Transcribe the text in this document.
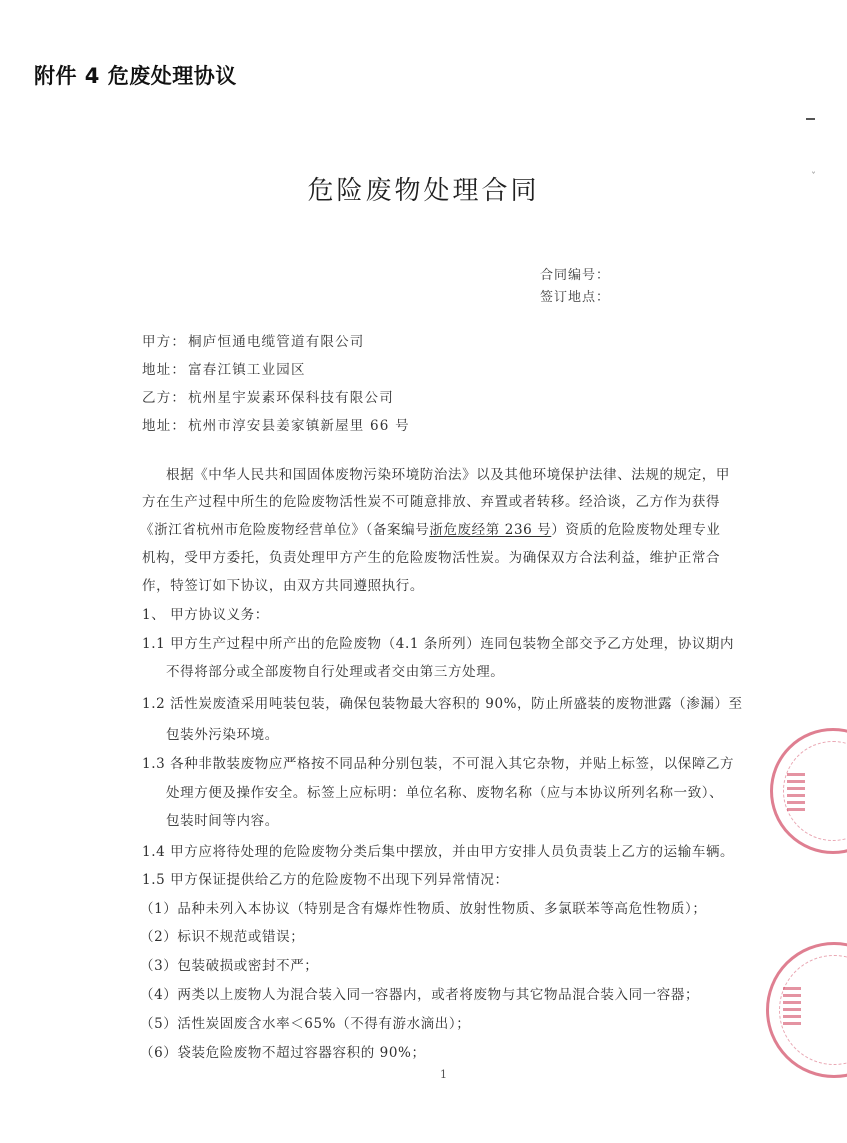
附件 4 危废处理协议
ˇ
危险废物处理合同
合同编号：
签订地点：
甲方： 桐庐恒通电缆管道有限公司
地址： 富春江镇工业园区
乙方： 杭州星宇炭素环保科技有限公司
地址： 杭州市淳安县姜家镇新屋里 66 号
根据《中华人民共和国固体废物污染环境防治法》以及其他环境保护法律、法规的规定，甲
方在生产过程中所生的危险废物活性炭不可随意排放、弃置或者转移。经洽谈，乙方作为获得
《浙江省杭州市危险废物经营单位》（备案编号浙危废经第 236 号）资质的危险废物处理专业
机构，受甲方委托，负责处理甲方产生的危险废物活性炭。为确保双方合法利益，维护正常合
作，特签订如下协议，由双方共同遵照执行。
1、 甲方协议义务：
1.1 甲方生产过程中所产出的危险废物（4.1 条所列）连同包装物全部交予乙方处理，协议期内
不得将部分或全部废物自行处理或者交由第三方处理。
1.2 活性炭废渣采用吨装包装，确保包装物最大容积的 90%，防止所盛装的废物泄露（渗漏）至
包装外污染环境。
1.3 各种非散装废物应严格按不同品种分别包装，不可混入其它杂物，并贴上标签，以保障乙方
处理方便及操作安全。标签上应标明：单位名称、废物名称（应与本协议所列名称一致）、
包装时间等内容。
1.4 甲方应将待处理的危险废物分类后集中摆放，并由甲方安排人员负责装上乙方的运输车辆。
1.5 甲方保证提供给乙方的危险废物不出现下列异常情况：
（1）品种未列入本协议（特别是含有爆炸性物质、放射性物质、多氯联苯等高危性物质）；
（2）标识不规范或错误；
（3）包装破损或密封不严；
（4）两类以上废物人为混合装入同一容器内，或者将废物与其它物品混合装入同一容器；
（5）活性炭固废含水率＜65%（不得有游水滴出）；
（6）袋装危险废物不超过容器容积的 90%；
1
